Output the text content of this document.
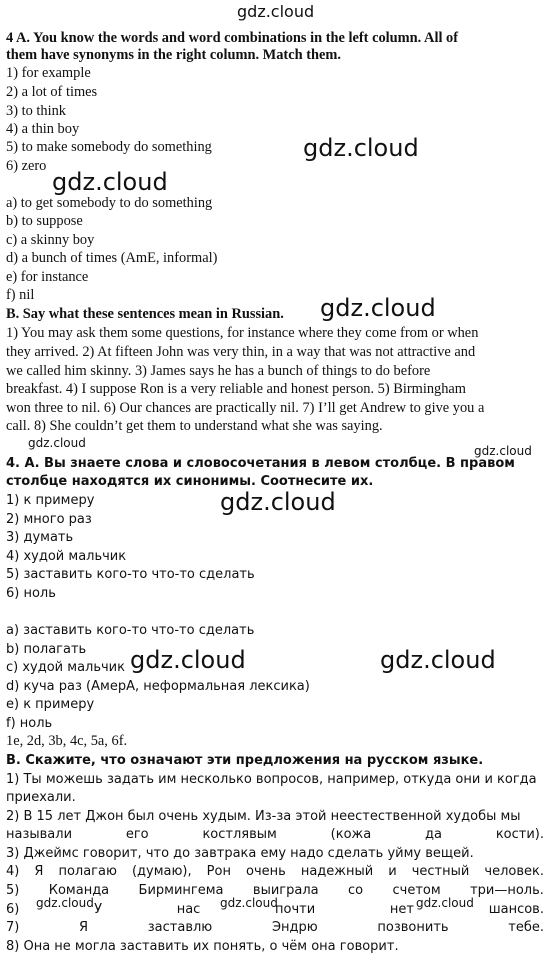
gdz.cloud
gdz.cloud
gdz.cloud
gdz.cloud
gdz.cloud
gdz.cloud
gdz.cloud
gdz.cloud	gdz.cloud
gdz.cloud	gdz.cloud	gdz.cloud
4 A. You know the words and word combinations in the left column. All of
them have synonyms in the right column. Match them.
1) for example
2) a lot of times
3) to think
4) a thin boy
5) to make somebody do something
6) zero
a) to get somebody to do something
b) to suppose
c) a skinny boy
d) a bunch of times (AmE, informal)
e) for instance
f) nil
B. Say what these sentences mean in Russian.
1) You may ask them some questions, for instance where they come from or when
they arrived. 2) At fifteen John was very thin, in a way that was not attractive and
we called him skinny. 3) James says he has a bunch of things to do before
breakfast. 4) I suppose Ron is a very reliable and honest person. 5) Birmingham
won three to nil. 6) Our chances are practically nil. 7) I’ll get Andrew to give you a
call. 8) She couldn’t get them to understand what she was saying.
4. А. Вы знаете слова и словосочетания в левом столбце. В правом
столбце находятся их синонимы. Соотнесите их.
1) к примеру
2) много раз
3) думать
4) худой мальчик
5) заставить кого-то что-то сделать
6) ноль
а) заставить кого-то что-то сделать
b) полагать
с) худой мальчик
d) куча раз (АмерА, неформальная лексика)
е) к примеру
f) ноль
1e, 2d, 3b, 4c, 5a, 6f.
В. Скажите, что означают эти предложения на русском языке.
1) Ты можешь задать им несколько вопросов, например, откуда они и когда
приехали.
2) В 15 лет Джон был очень худым. Из-за этой неестественной худобы мы
называли	его	костлявым	(кожа	да	кости).
3) Джеймс говорит, что до завтрака ему надо сделать уйму вещей.
4) Я полагаю (думаю), Рон очень надежный и честный человек.
5) Команда Бирмингема выиграла со счетом три—ноль.
6)	У	нас	почти	нет	шансов.
7)	Я	заставлю	Эндрю	позвонить	тебе.
8) Она не могла заставить их понять, о чём она говорит.
